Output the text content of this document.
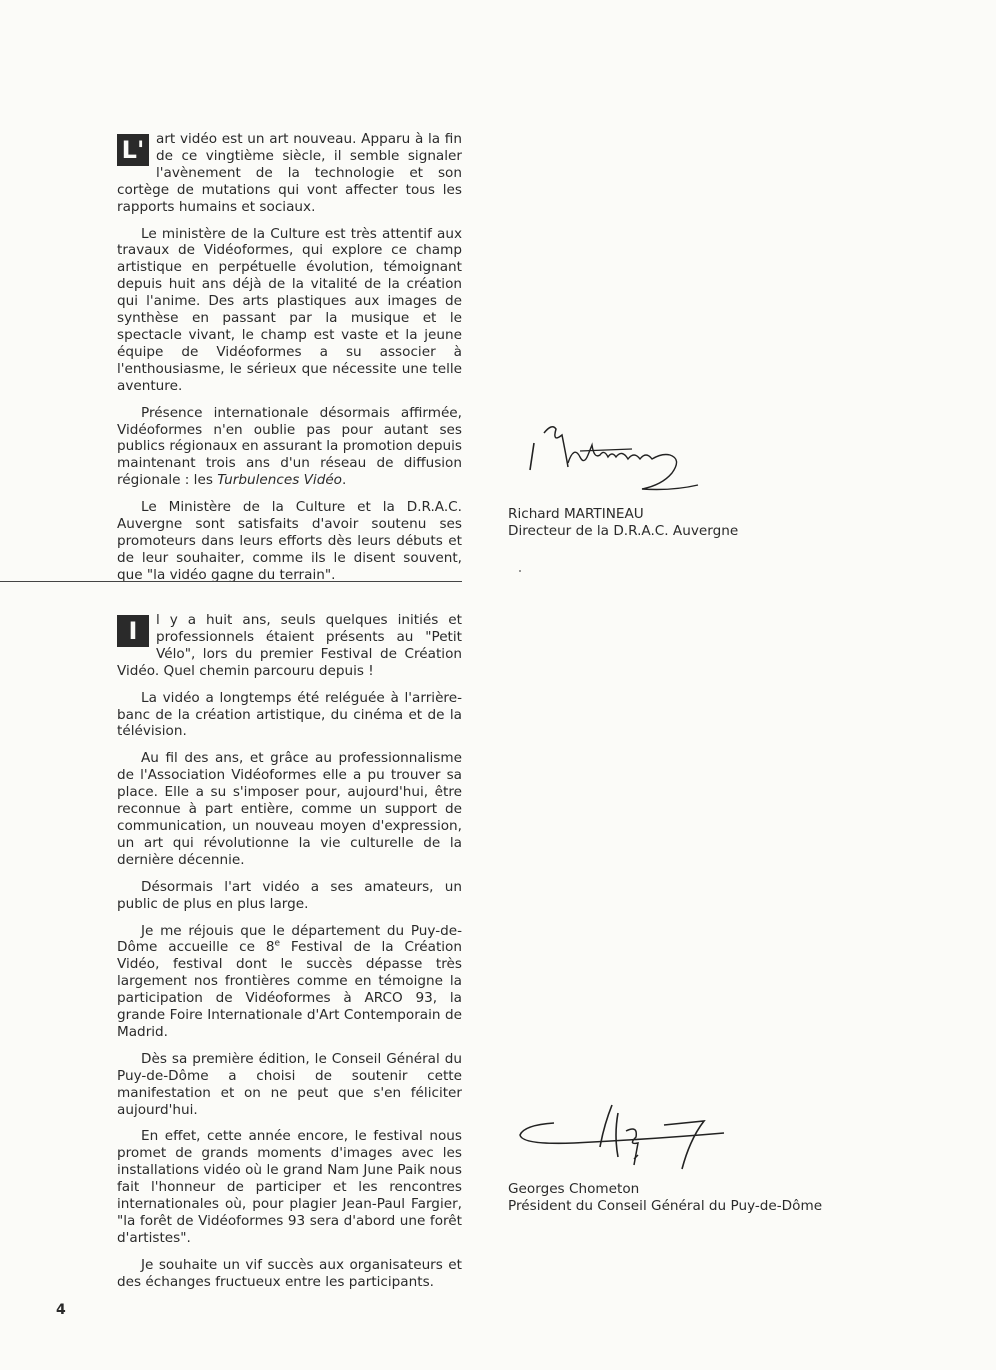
L' art vidéo est un art nouveau. Apparu à la fin de ce vingtième siècle, il semble signaler l'avènement de la technologie et son cortège de mutations qui vont affecter tous les rapports humains et sociaux.

Le ministère de la Culture est très attentif aux travaux de Vidéoformes, qui explore ce champ artistique en perpétuelle évolution, témoignant depuis huit ans déjà de la vitalité de la création qui l'anime. Des arts plastiques aux images de synthèse en passant par la musique et le spectacle vivant, le champ est vaste et la jeune équipe de Vidéoformes a su associer à l'enthousiasme, le sérieux que nécessite une telle aventure.

Présence internationale désormais affirmée, Vidéoformes n'en oublie pas pour autant ses publics régionaux en assurant la promotion depuis maintenant trois ans d'un réseau de diffusion régionale : les Turbulences Vidéo.

Le Ministère de la Culture et la D.R.A.C. Auvergne sont satisfaits d'avoir soutenu ses promoteurs dans leurs efforts dès leurs débuts et de leur souhaiter, comme ils le disent souvent, que "la vidéo gagne du terrain".

Richard MARTINEAU
Directeur de la D.R.A.C. Auvergne

I	l y a huit ans, seuls quelques initiés et professionnels étaient présents au "Petit Vélo", lors du premier Festival de Création Vidéo. Quel chemin parcouru depuis !

La vidéo a longtemps été reléguée à l'arrière-banc de la création artistique, du cinéma et de la télévision.

Au fil des ans, et grâce au professionnalisme de l'Association Vidéoformes elle a pu trouver sa place. Elle a su s'imposer pour, aujourd'hui, être reconnue à part entière, comme un support de communication, un nouveau moyen d'expression, un art qui révolutionne la vie culturelle de la dernière décennie.

Désormais l'art vidéo a ses amateurs, un public de plus en plus large.

Je me réjouis que le département du Puy-de-Dôme accueille ce 8e Festival de la Création Vidéo, festival dont le succès dépasse très largement nos frontières comme en témoigne la participation de Vidéoformes à ARCO 93, la grande Foire Internationale d'Art Contemporain de Madrid.

Dès sa première édition, le Conseil Général du Puy-de-Dôme a choisi de soutenir cette manifestation et on ne peut que s'en féliciter aujourd'hui.

En effet, cette année encore, le festival nous promet de grands moments d'images avec les installations vidéo où le grand Nam June Paik nous fait l'honneur de participer et les rencontres internationales où, pour plagier Jean-Paul Fargier, "la forêt de Vidéoformes 93 sera d'abord une forêt d'artistes".

Je souhaite un vif succès aux organisateurs et des échanges fructueux entre les participants.

Georges Chometon
Président du Conseil Général du Puy-de-Dôme
4
